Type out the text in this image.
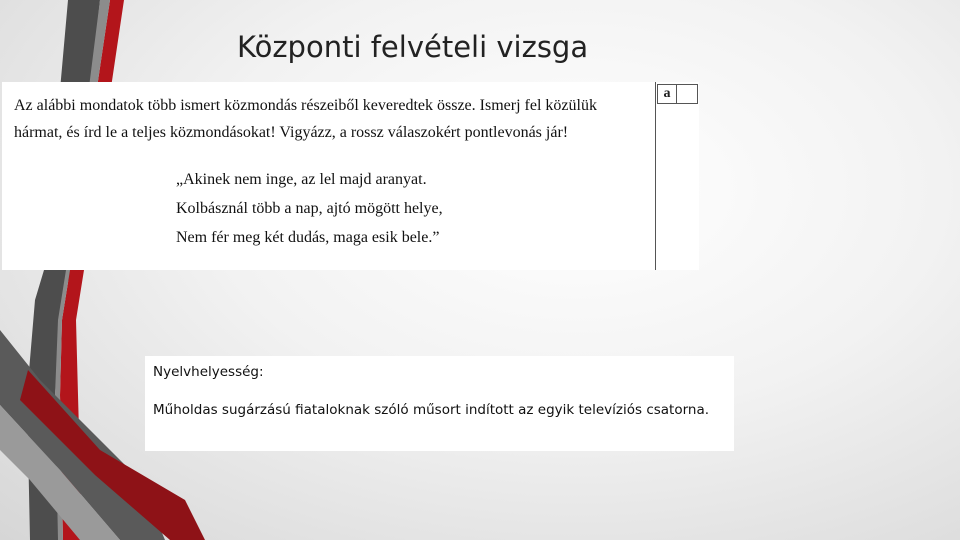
Központi felvételi vizsga
a
Az alábbi mondatok több ismert közmondás részeiből keveredtek össze. Ismerj fel közülük
hármat, és írd le a teljes közmondásokat! Vigyázz, a rossz válaszokért pontlevonás jár!
„Akinek nem inge, az lel majd aranyat.
Kolbásznál több a nap, ajtó mögött helye,
Nem fér meg két dudás, maga esik bele.”
Nyelvhelyesség:
Műholdas sugárzású fiataloknak szóló műsort indított az egyik televíziós csatorna.
